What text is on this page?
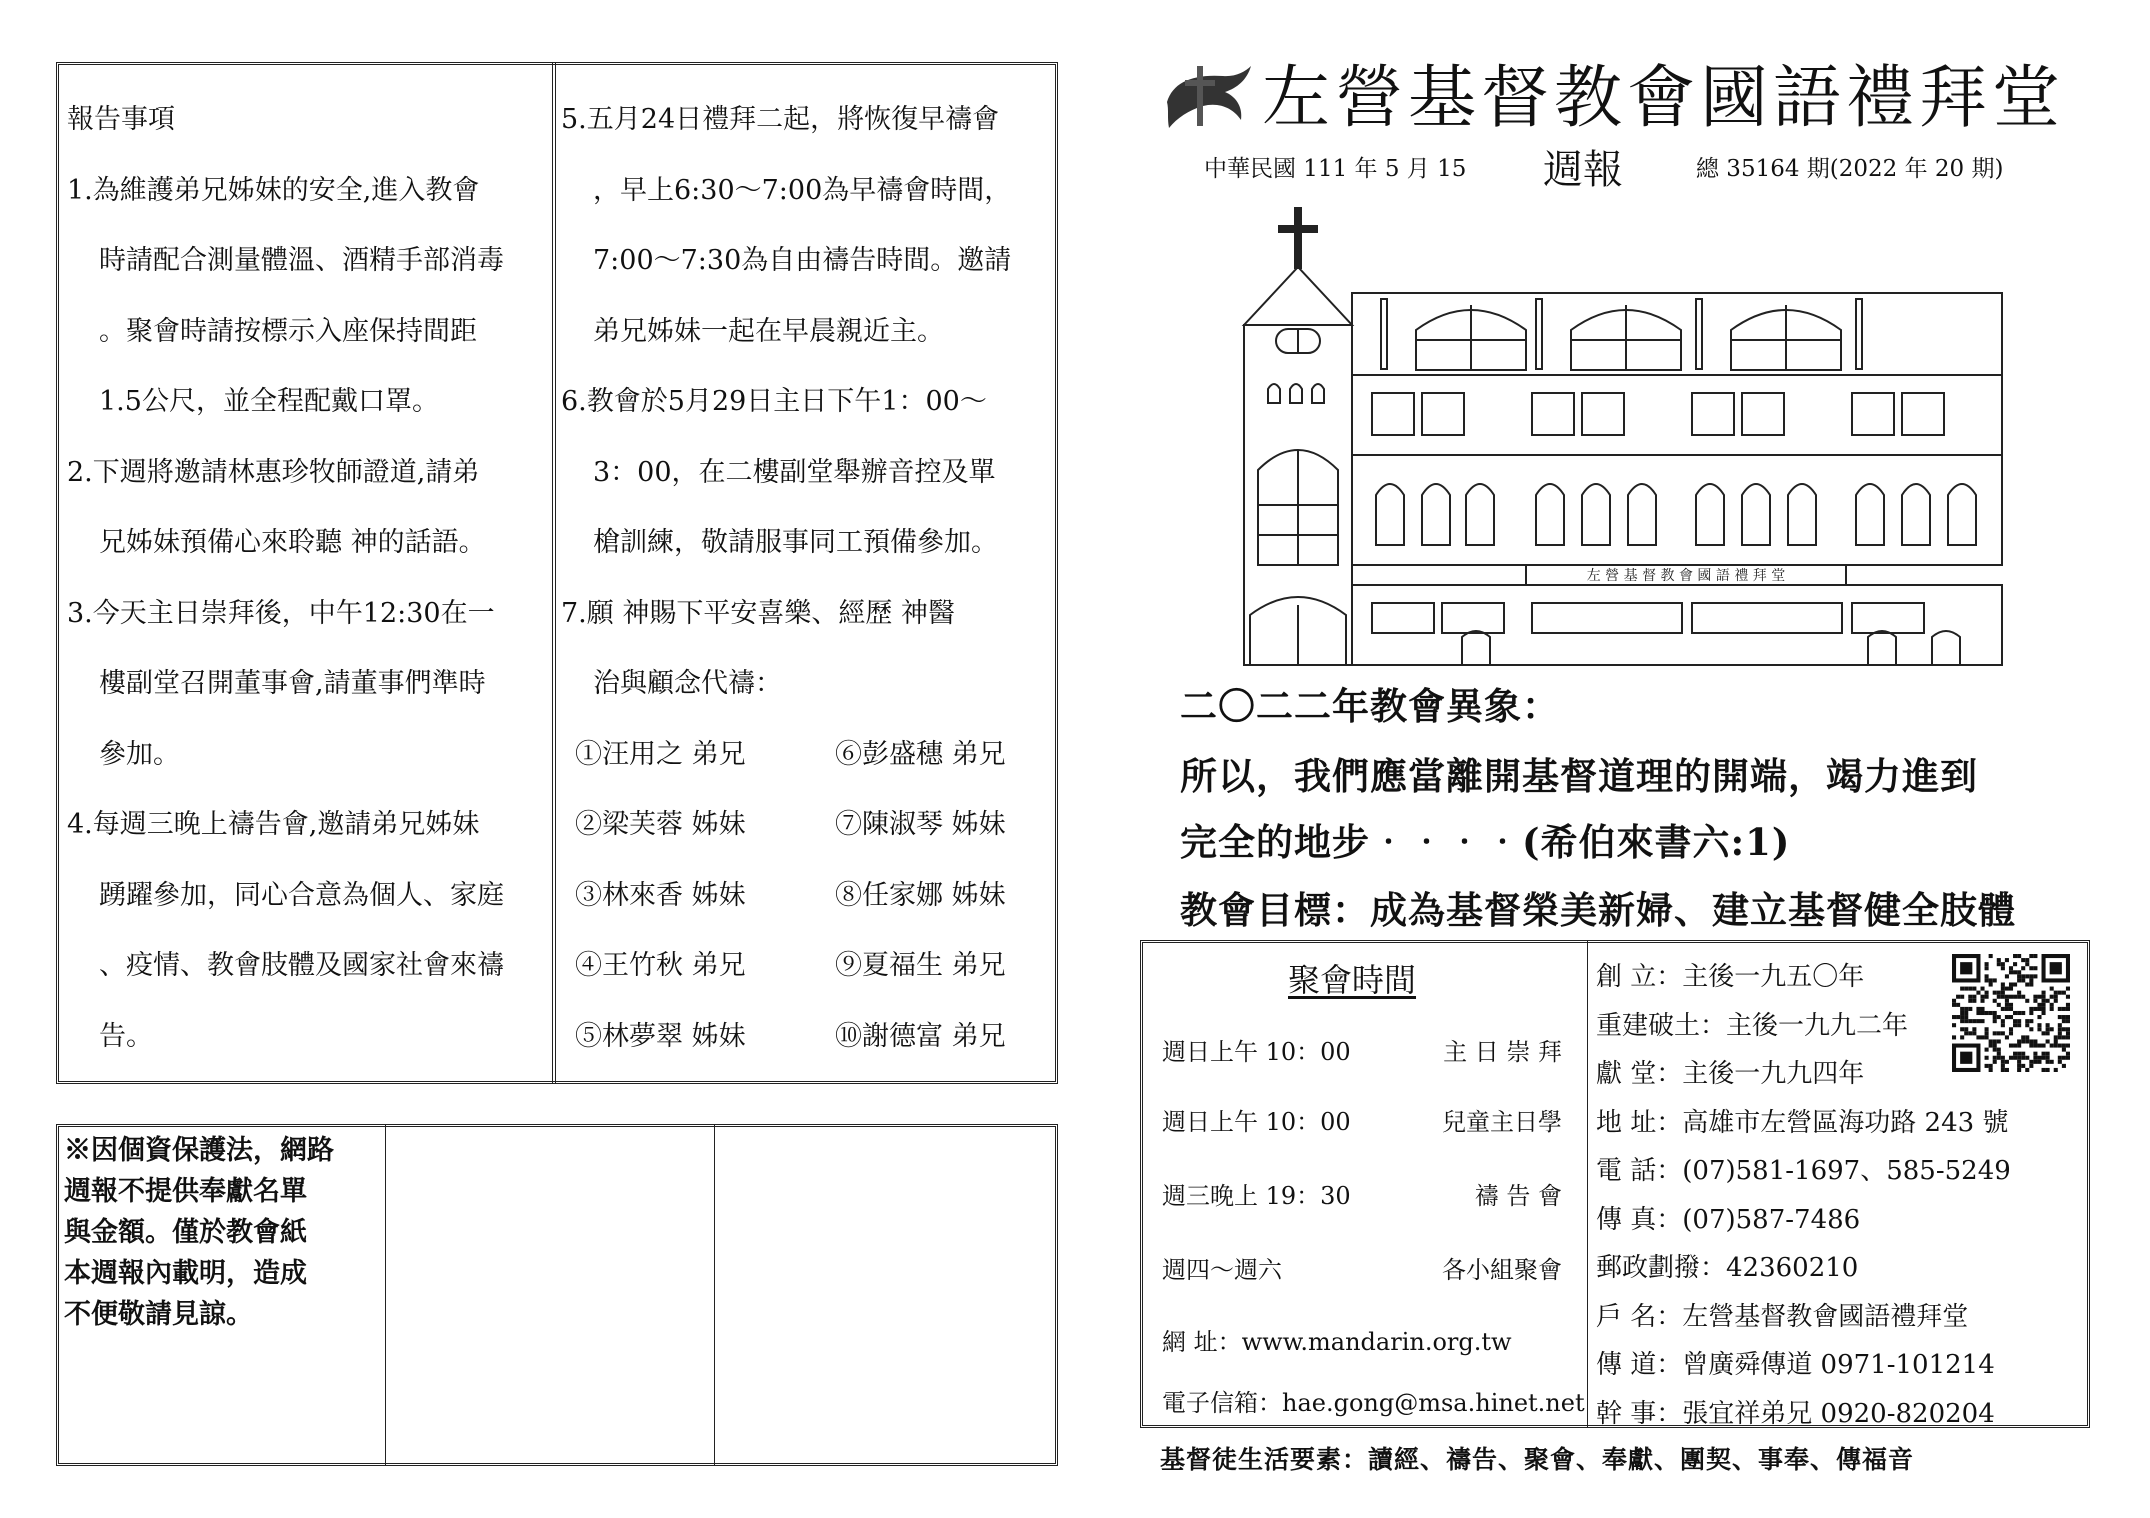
報告事項
1.為維護弟兄姊妹的安全,進入教會
時請配合測量體溫、酒精手部消毒
。聚會時請按標示入座保持間距
1.5公尺，並全程配戴口罩。
2.下週將邀請林惠珍牧師證道,請弟
兄姊妹預備心來聆聽 神的話語。
3.今天主日崇拜後，中午12:30在一
樓副堂召開董事會,請董事們準時
參加。
4.每週三晚上禱告會,邀請弟兄姊妹
踴躍參加，同心合意為個人、家庭
、疫情、教會肢體及國家社會來禱
告。
5.五月24日禮拜二起，將恢復早禱會
，早上6:30～7:00為早禱會時間，
7:00～7:30為自由禱告時間。邀請
弟兄姊妹一起在早晨親近主。
6.教會於5月29日主日下午1：00～
3：00，在二樓副堂舉辦音控及單
槍訓練，敬請服事同工預備參加。
7.願 神賜下平安喜樂、經歷 神醫
治與顧念代禱：
①汪用之 弟兄	⑥彭盛穗 弟兄
②梁芙蓉 姊妹	⑦陳淑琴 姊妹
③林來香 姊妹	⑧任家娜 姊妹
④王竹秋 弟兄	⑨夏福生 弟兄
⑤林夢翠 姊妹	⑩謝德富 弟兄
※因個資保護法，網路
週報不提供奉獻名單
與金額。僅於教會紙
本週報內載明，造成
不便敬請見諒。
左營基督教會國語禮拜堂
中華民國 111 年 5 月 15 週報	總 35164 期(2022 年 20 期)
左 營 基 督 教 會 國 語 禮 拜 堂
二〇二二年教會異象：
所以，我們應當離開基督道理的開端，竭力進到
完全的地步‧‧‧‧(希伯來書六:1)
教會目標：成為基督榮美新婦、建立基督健全肢體
聚會時間
週日上午 10：00	主 日 崇 拜
週日上午 10：00	兒童主日學
週三晚上 19：30	禱 告 會
週四～週六	各小組聚會
網 址：www.mandarin.org.tw
電子信箱：hae.gong@msa.hinet.net
創 立：主後一九五〇年
重建破土：主後一九九二年
獻 堂：主後一九九四年
地 址：高雄市左營區海功路 243 號
電 話：(07)581-1697、585-5249
傳 真：(07)587-7486
郵政劃撥：42360210
戶 名：左營基督教會國語禮拜堂
傳 道：曾廣舜傳道 0971-101214
幹 事：張宜祥弟兄 0920-820204
基督徒生活要素：讀經、禱告、聚會、奉獻、團契、事奉、傳福音
